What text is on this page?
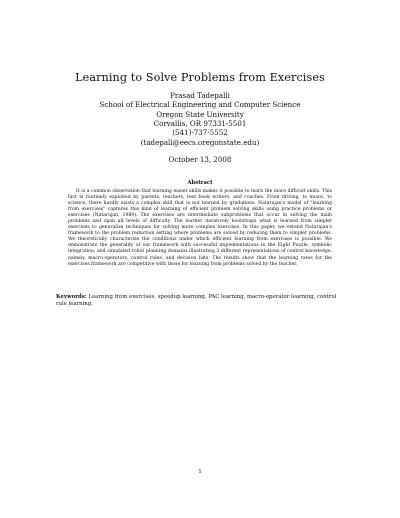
Learning to Solve Problems from Exercises
Prasad Tadepalli
School of Electrical Engineering and Computer Science
Oregon State University
Corvallis, OR 97331-5501
(541)-737-5552
(tadepall@eecs.oregonstate.edu)
October 13, 2008
Abstract
It is a common observation that learning easier skills makes it possible to learn the more difficult skills. This fact is routinely exploited by parents, teachers, text book writers, and coaches. From driving, to music, to science, there hardly exists a complex skill that is not learned by gradations. Natarajan's model of "learning from exercises" captures this kind of learning of efficient problem solving skills using practice problems or exercises (Natarajan, 1989). The exercises are intermediate subproblems that occur in solving the main problems and span all levels of difficulty. The learner iteratively bootstraps what is learned from simpler exercises to generalize techniques for solving more complex exercises. In this paper, we extend Natarajan's framework to the problem reduction setting where problems are solved by reducing them to simpler problems. We theoretically characterize the conditions under which efficient learning from exercises is possible. We demonstrate the generality of our framework with successful implementations in the Eight Puzzle, symbolic integration, and simulated robot planning domains illustrating 3 different representations of control knowledge, namely, macro-operators, control rules, and decision lists. The results show that the learning rates for the exercises framework are competitive with those for learning from problems solved by the teacher.
Keywords: Learning from exercises, speedup learning, PAC learning, macro-operator learning, control rule learning.
1
